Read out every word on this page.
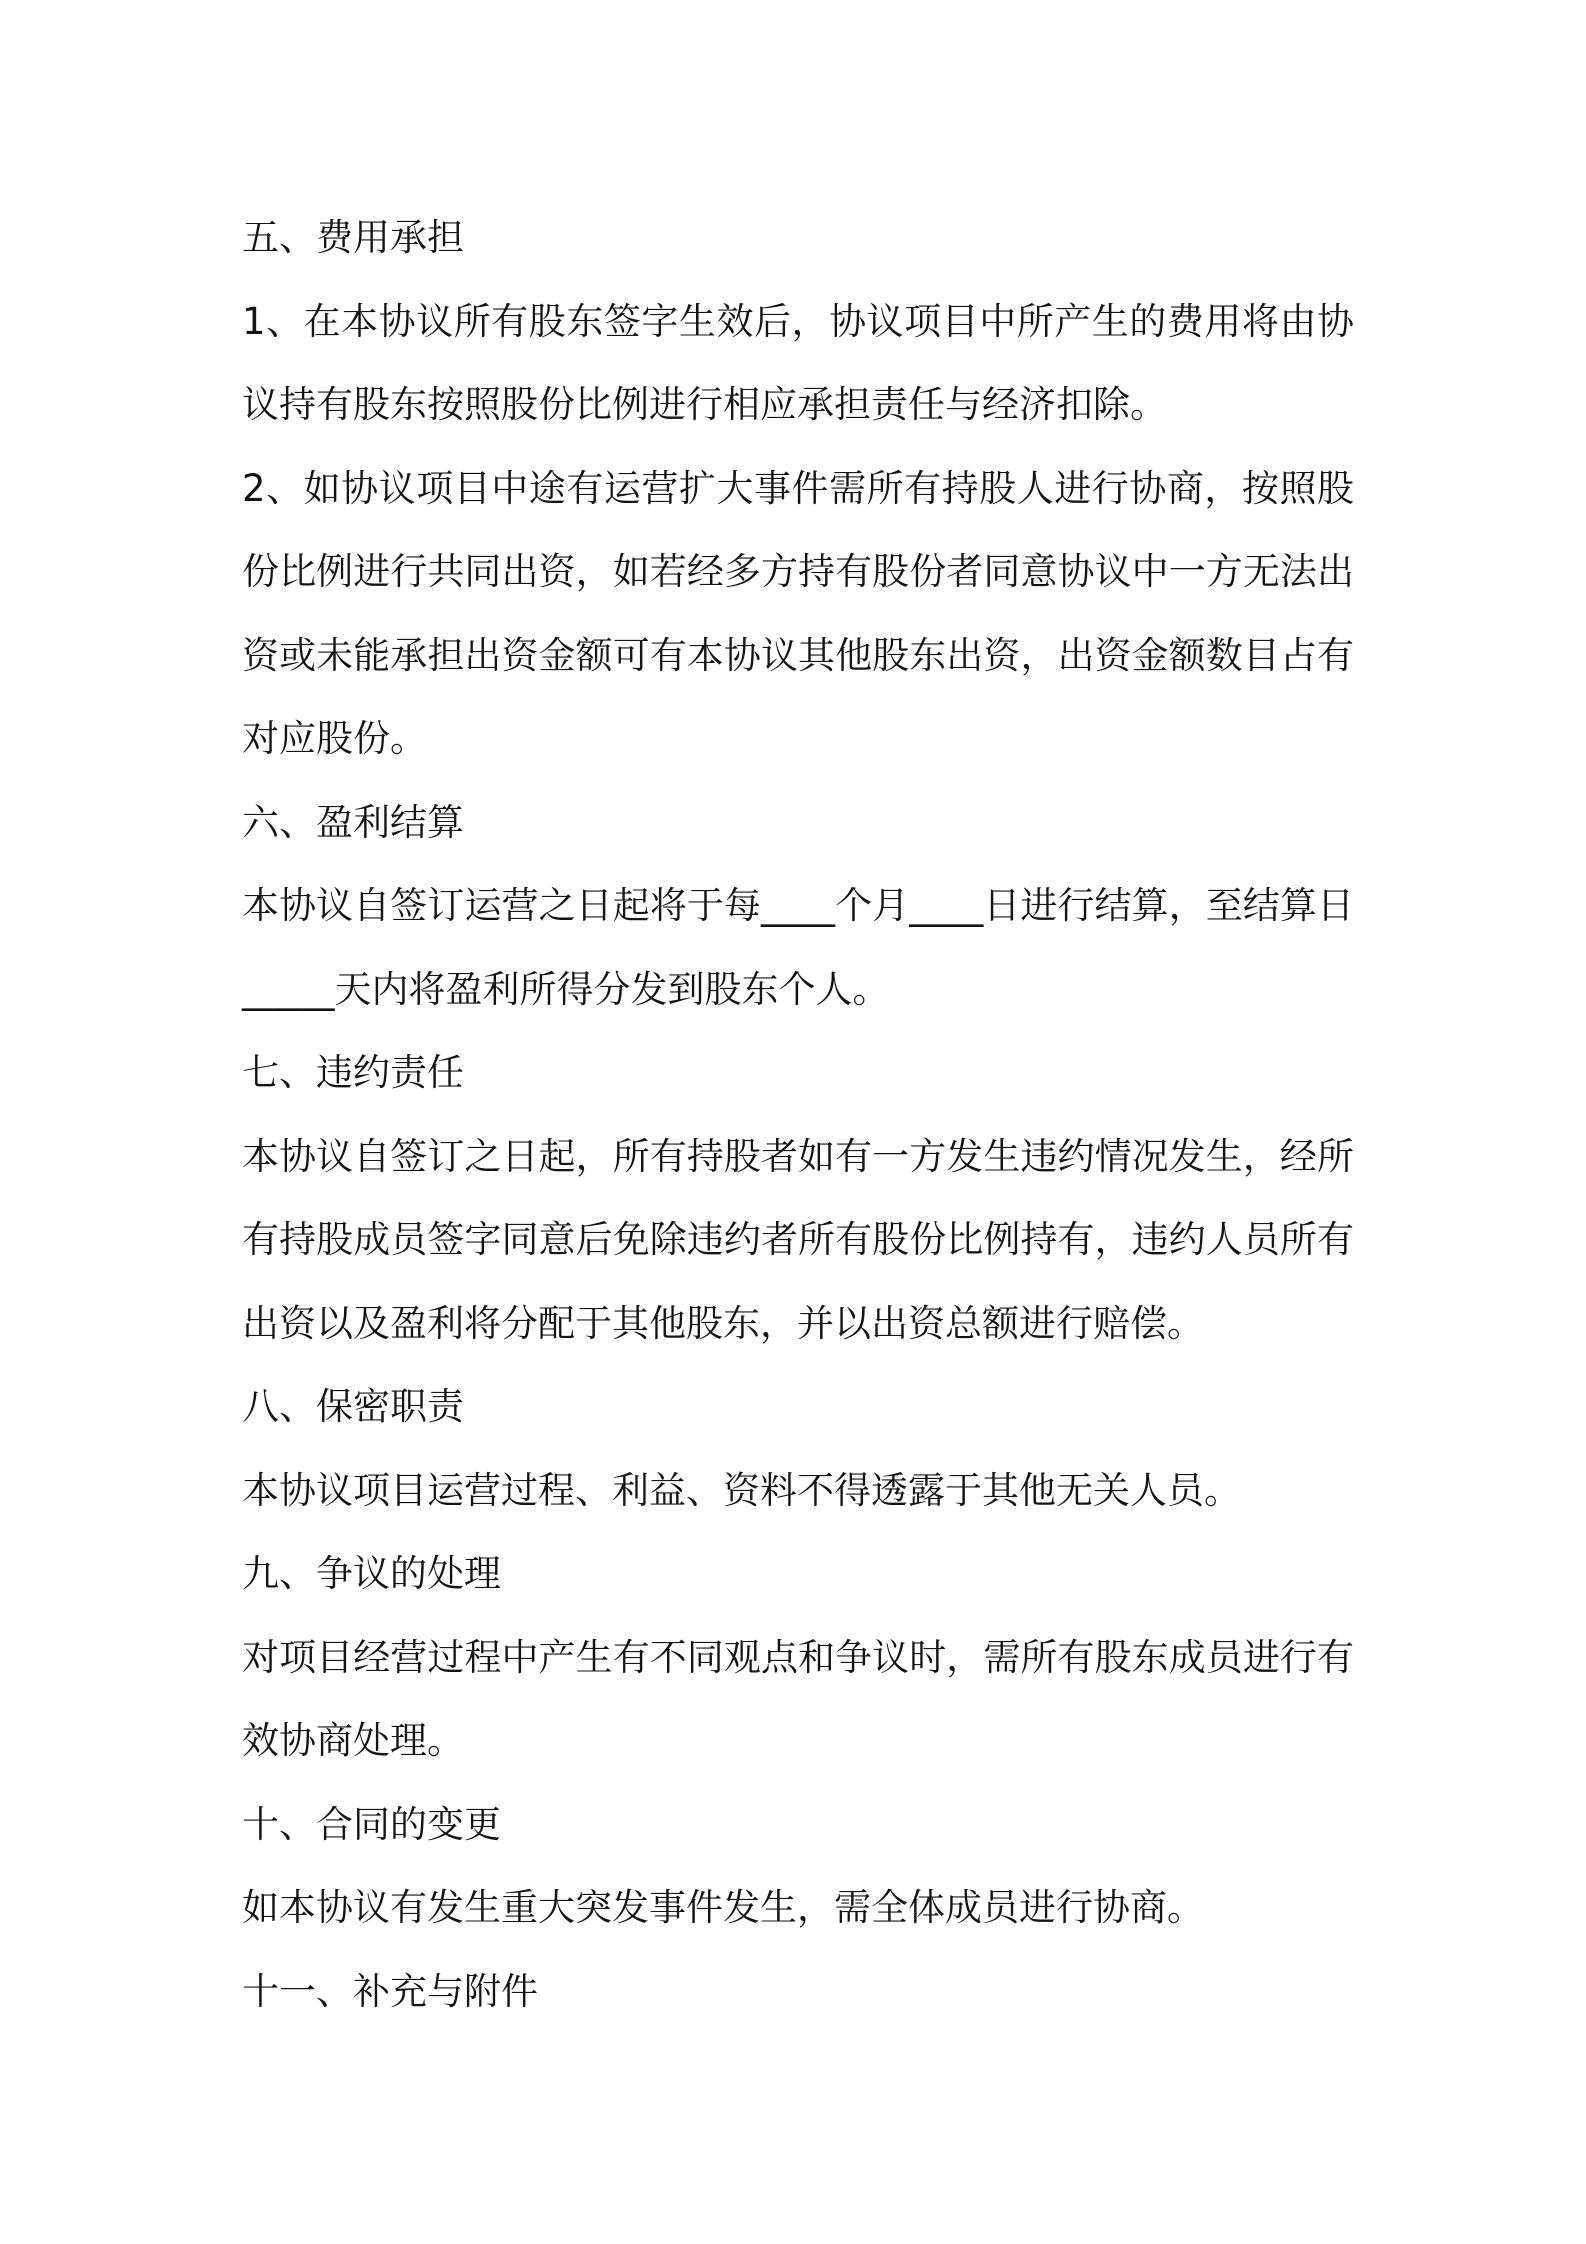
五、费用承担

1、在本协议所有股东签字生效后，协议项目中所产生的费用将由协议持有股东按照股份比例进行相应承担责任与经济扣除。

2、如协议项目中途有运营扩大事件需所有持股人进行协商，按照股份比例进行共同出资，如若经多方持有股份者同意协议中一方无法出资或未能承担出资金额可有本协议其他股东出资，出资金额数目占有对应股份。

六、盈利结算

本协议自签订运营之日起将于每____个月____日进行结算，至结算日_____天内将盈利所得分发到股东个人。

七、违约责任

本协议自签订之日起，所有持股者如有一方发生违约情况发生，经所有持股成员签字同意后免除违约者所有股份比例持有，违约人员所有出资以及盈利将分配于其他股东，并以出资总额进行赔偿。

八、保密职责

本协议项目运营过程、利益、资料不得透露于其他无关人员。

九、争议的处理

对项目经营过程中产生有不同观点和争议时，需所有股东成员进行有效协商处理。

十、合同的变更

如本协议有发生重大突发事件发生，需全体成员进行协商。

十一、补充与附件
